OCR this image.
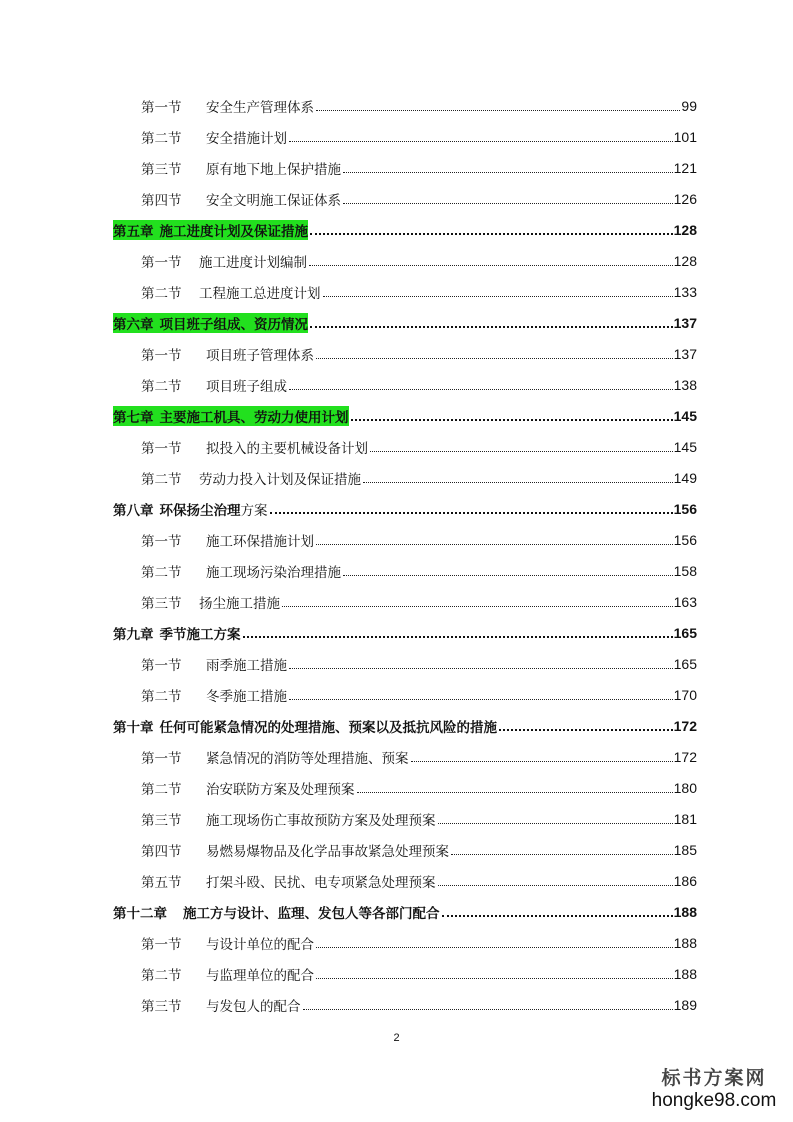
第一节	安全生产管理体系	99
第二节	安全措施计划	101
第三节	原有地下地上保护措施	121
第四节	安全文明施工保证体系	126
第五章 施工进度计划及保证措施	128
第一节	施工进度计划编制	128
第二节	工程施工总进度计划	133
第六章 项目班子组成、资历情况	137
第一节	项目班子管理体系	137
第二节	项目班子组成	138
第七章 主要施工机具、劳动力使用计划	145
第一节	拟投入的主要机械设备计划	145
第二节	劳动力投入计划及保证措施	149
第八章 环保扬尘治理 方案	156
第一节	施工环保措施计划	156
第二节	施工现场污染治理措施	158
第三节	扬尘施工措施	163
第九章 季节施工方案	165
第一节	雨季施工措施	165
第二节	冬季施工措施	170
第十章 任何可能紧急情况的处理措施、预案以及抵抗风险的措施	172
第一节	紧急情况的消防等处理措施、预案	172
第二节	治安联防方案及处理预案	180
第三节	施工现场伤亡事故预防方案及处理预案	181
第四节	易燃易爆物品及化学品事故紧急处理预案	185
第五节	打架斗殴、民扰、电专项紧急处理预案	186
第十二章 施工方与设计、监理、发包人等各部门配合	188
第一节	与设计单位的配合	188
第二节	与监理单位的配合	188
第三节	与发包人的配合	189
2
标书方案网
hongke98.com
